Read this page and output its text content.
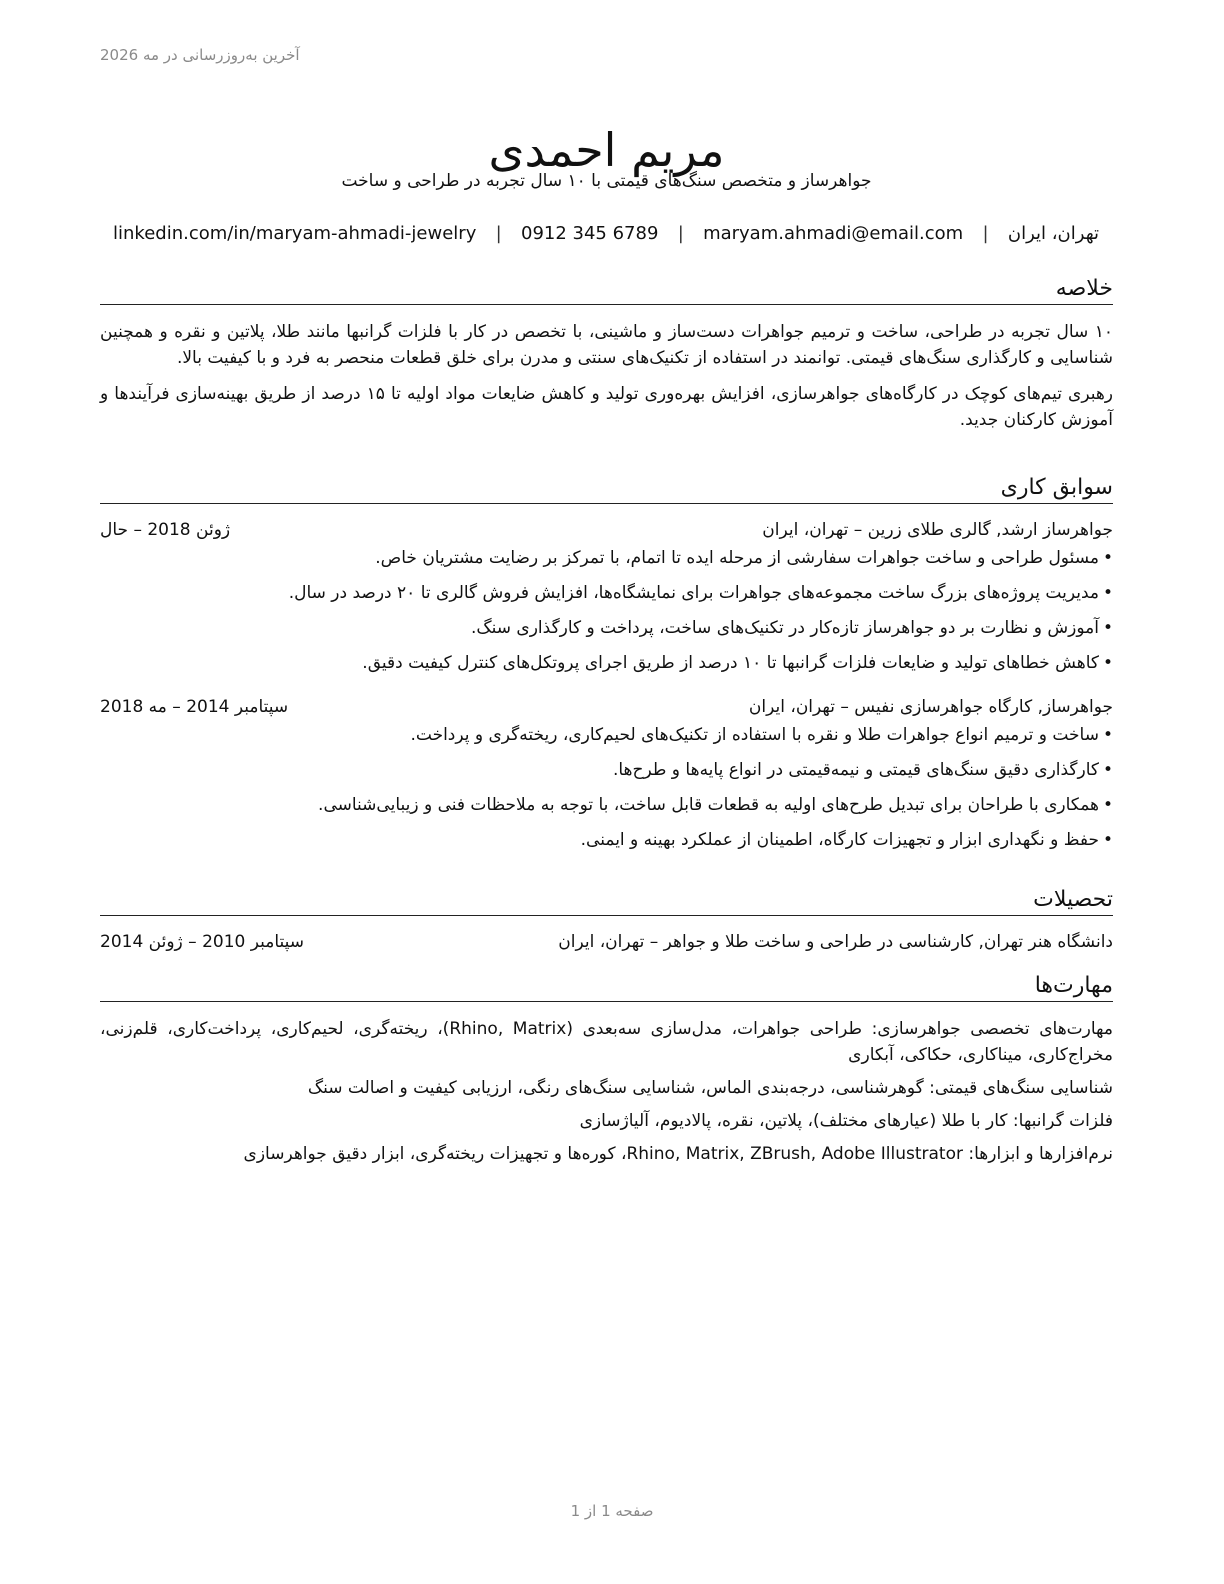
آخرین به‌روزرسانی در مه 2026
مریم احمدی
جواهرساز و متخصص سنگ‌های قیمتی با ۱۰ سال تجربه در طراحی و ساخت
تهران، ایران
|
maryam.ahmadi@email.com
|
0912 345 6789
|
linkedin.com/in/maryam-ahmadi-jewelry
خلاصه

۱۰ سال تجربه در طراحی، ساخت و ترمیم جواهرات دست‌ساز و ماشینی، با تخصص در کار با فلزات گرانبها مانند طلا، پلاتین و نقره و همچنین شناسایی و کارگذاری سنگ‌های قیمتی. توانمند در استفاده از تکنیک‌های سنتی و مدرن برای خلق قطعات منحصر به فرد و با کیفیت بالا.

رهبری تیم‌های کوچک در کارگاه‌های جواهرسازی، افزایش بهره‌وری تولید و کاهش ضایعات مواد اولیه تا ۱۵ درصد از طریق بهینه‌سازی فرآیندها و آموزش کارکنان جدید.

سوابق کاری
جواهرساز ارشد, گالری طلای زرین – تهران، ایران
ژوئن 2018 – حال
•مسئول طراحی و ساخت جواهرات سفارشی از مرحله ایده تا اتمام، با تمرکز بر رضایت مشتریان خاص.
•مدیریت پروژه‌های بزرگ ساخت مجموعه‌های جواهرات برای نمایشگاه‌ها، افزایش فروش گالری تا ۲۰ درصد در سال.
•آموزش و نظارت بر دو جواهرساز تازه‌کار در تکنیک‌های ساخت، پرداخت و کارگذاری سنگ.
•کاهش خطاهای تولید و ضایعات فلزات گرانبها تا ۱۰ درصد از طریق اجرای پروتکل‌های کنترل کیفیت دقیق.
جواهرساز, کارگاه جواهرسازی نفیس – تهران، ایران
سپتامبر 2014 – مه 2018
•ساخت و ترمیم انواع جواهرات طلا و نقره با استفاده از تکنیک‌های لحیم‌کاری، ریخته‌گری و پرداخت.
•کارگذاری دقیق سنگ‌های قیمتی و نیمه‌قیمتی در انواع پایه‌ها و طرح‌ها.
•همکاری با طراحان برای تبدیل طرح‌های اولیه به قطعات قابل ساخت، با توجه به ملاحظات فنی و زیبایی‌شناسی.
•حفظ و نگهداری ابزار و تجهیزات کارگاه، اطمینان از عملکرد بهینه و ایمنی.
تحصیلات
دانشگاه هنر تهران, کارشناسی در طراحی و ساخت طلا و جواهر – تهران، ایران
سپتامبر 2010 – ژوئن 2014
مهارت‌ها

مهارت‌های تخصصی جواهرسازی: طراحی جواهرات، مدل‌سازی سه‌بعدی (Rhino, Matrix)، ریخته‌گری، لحیم‌کاری، پرداخت‌کاری، قلم‌زنی، مخراج‌کاری، میناکاری، حکاکی، آبکاری

شناسایی سنگ‌های قیمتی: گوهرشناسی، درجه‌بندی الماس، شناسایی سنگ‌های رنگی، ارزیابی کیفیت و اصالت سنگ

فلزات گرانبها: کار با طلا (عیارهای مختلف)، پلاتین، نقره، پالادیوم، آلیاژسازی

نرم‌افزارها و ابزارها: Rhino, Matrix, ZBrush, Adobe Illustrator، کوره‌ها و تجهیزات ریخته‌گری، ابزار دقیق جواهرسازی

صفحه 1 از 1
